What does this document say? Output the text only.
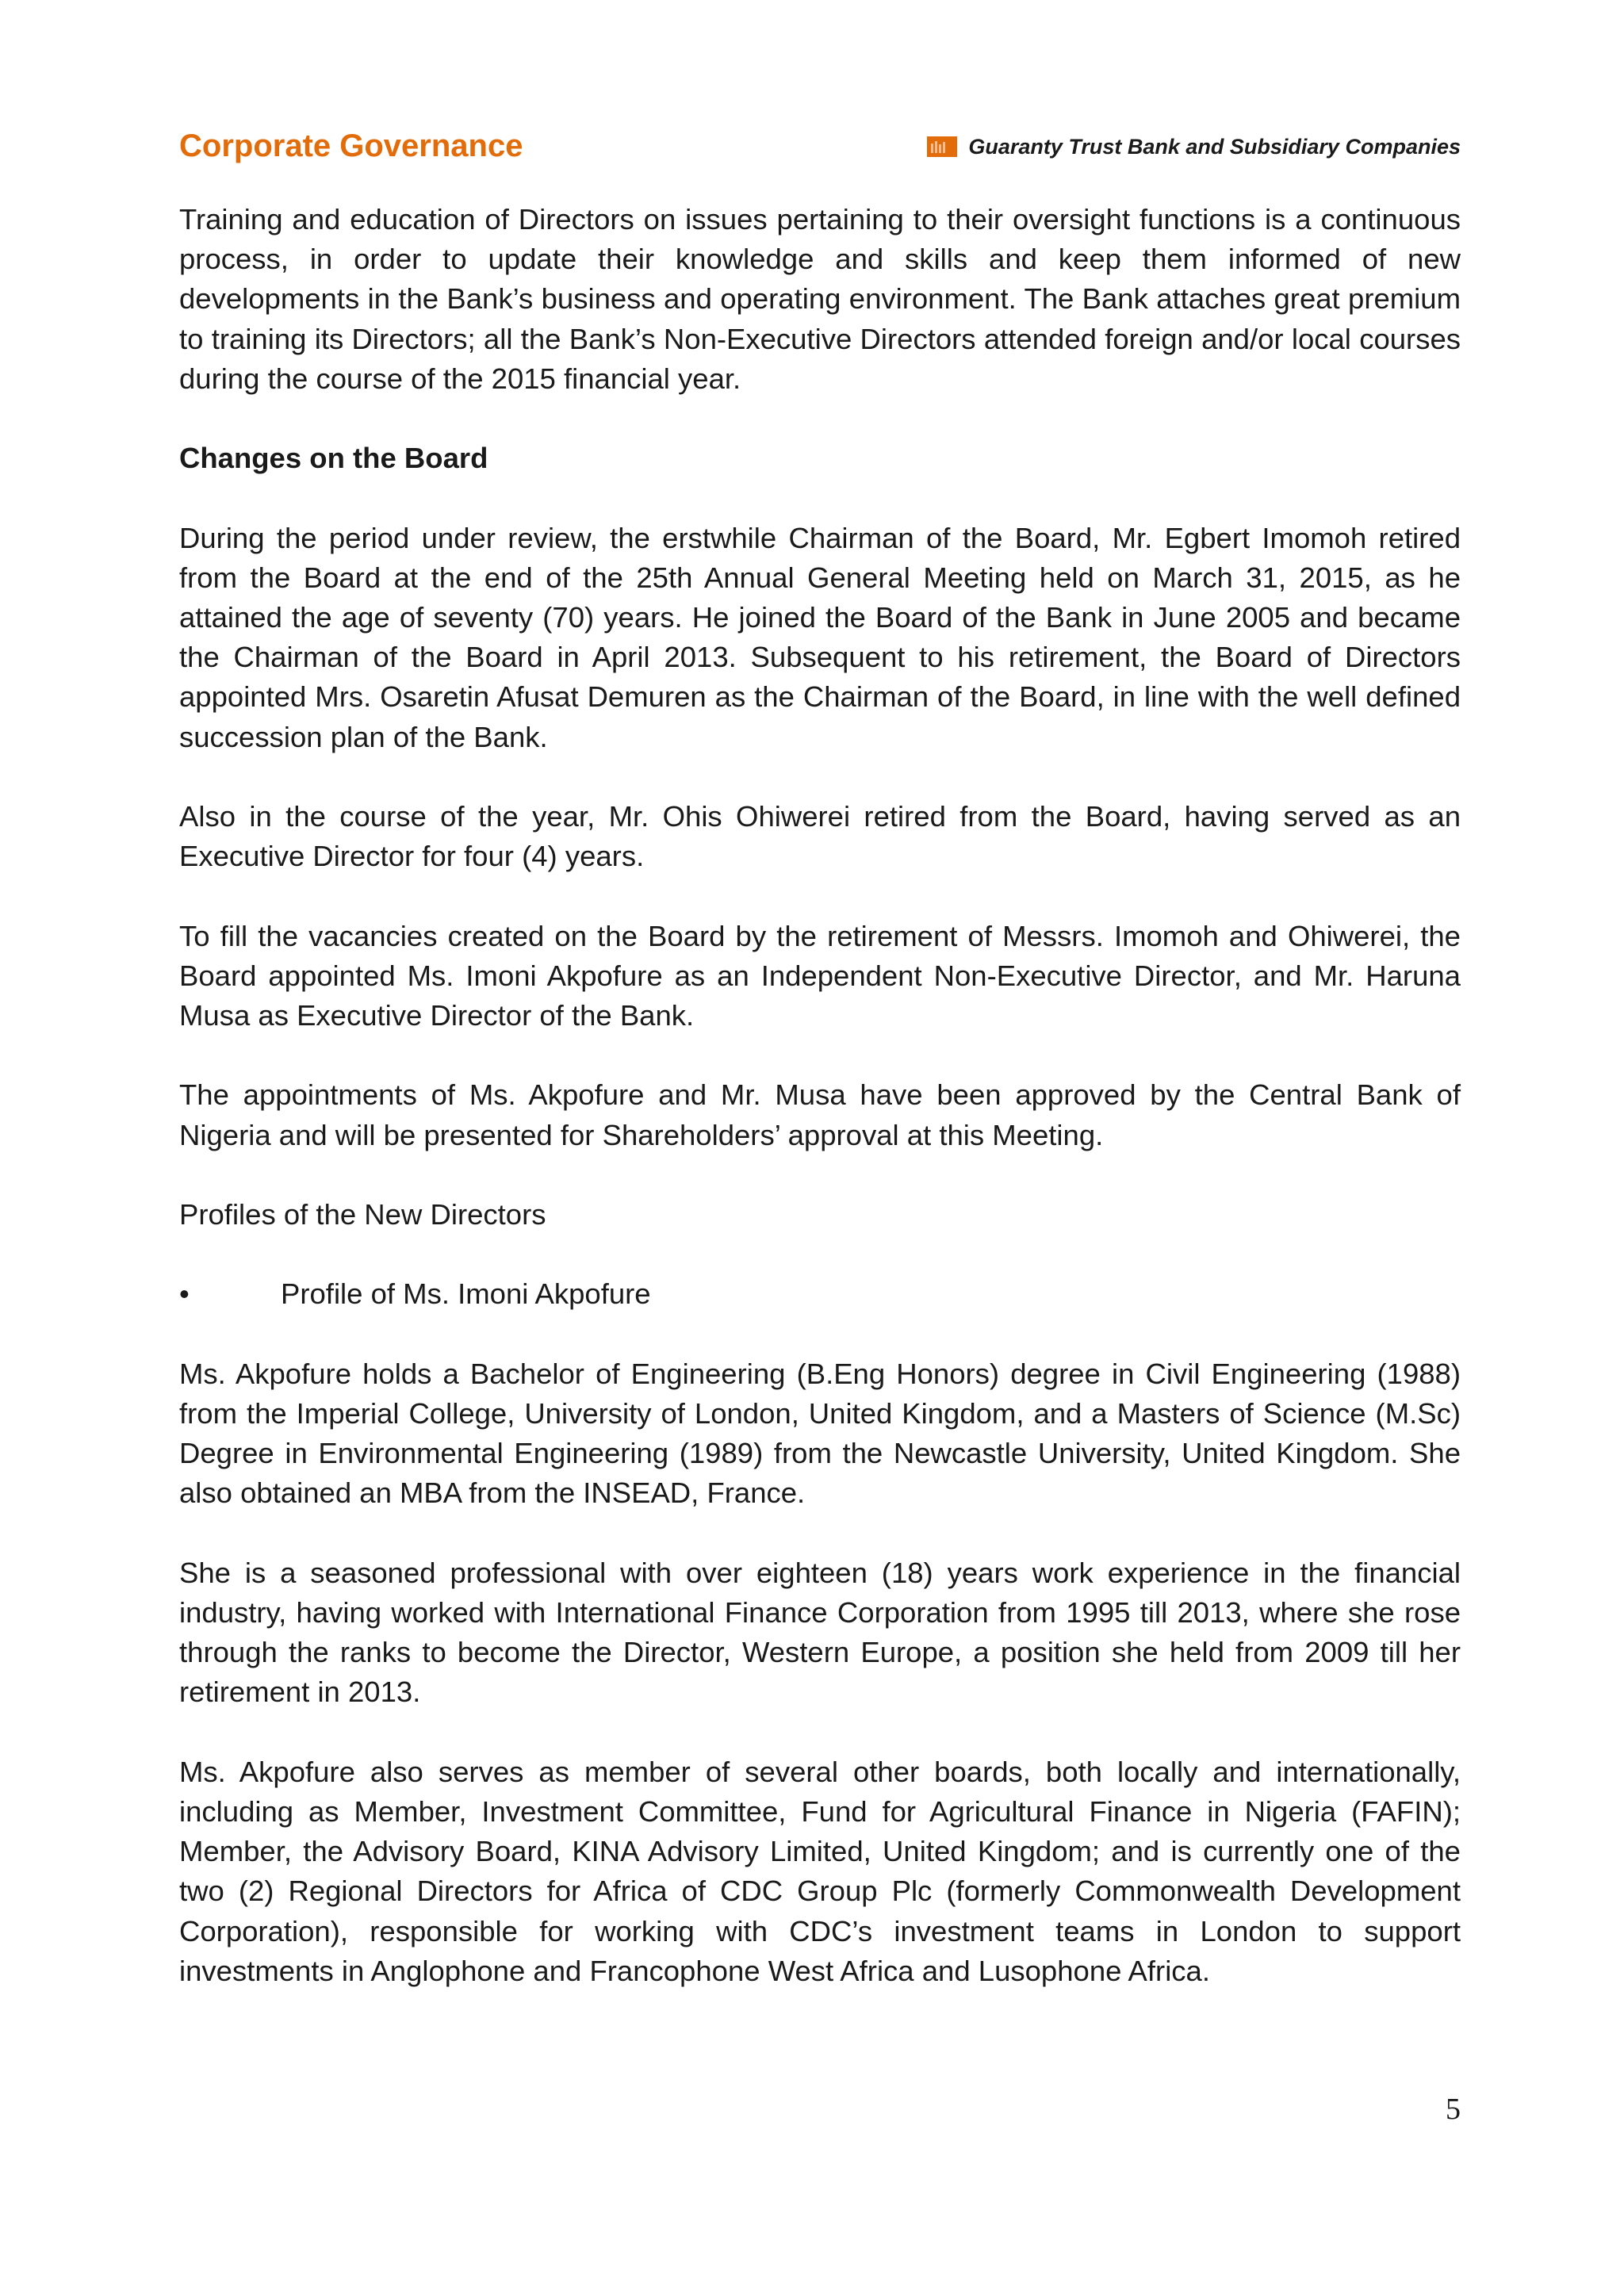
Corporate Governance	Guaranty Trust Bank and Subsidiary Companies

Training and education of Directors on issues pertaining to their oversight functions is a continuous process, in order to update their knowledge and skills and keep them informed of new developments in the Bank’s business and operating environment. The Bank attaches great premium to training its Directors; all the Bank’s Non-Executive Directors attended foreign and/or local courses during the course of the 2015 financial year.

Changes on the Board

During the period under review, the erstwhile Chairman of the Board, Mr. Egbert Imomoh retired from the Board at the end of the 25th Annual General Meeting held on March 31, 2015, as he attained the age of seventy (70) years. He joined the Board of the Bank in June 2005 and became the Chairman of the Board in April 2013. Subsequent to his retirement, the Board of Directors appointed Mrs. Osaretin Afusat Demuren as the Chairman of the Board, in line with the well defined succession plan of the Bank.

Also in the course of the year, Mr. Ohis Ohiwerei retired from the Board, having served as an Executive Director for four (4) years.

To fill the vacancies created on the Board by the retirement of Messrs. Imomoh and Ohiwerei, the Board appointed Ms. Imoni Akpofure as an Independent Non-Executive Director, and Mr. Haruna Musa as Executive Director of the Bank.

The appointments of Ms. Akpofure and Mr. Musa have been approved by the Central Bank of Nigeria and will be presented for Shareholders’ approval at this Meeting.

Profiles of the New Directors

•	Profile of Ms. Imoni Akpofure

Ms. Akpofure holds a Bachelor of Engineering (B.Eng Honors) degree in Civil Engineering (1988) from the Imperial College, University of London, United Kingdom, and a Masters of Science (M.Sc) Degree in Environmental Engineering (1989) from the Newcastle University, United Kingdom. She also obtained an MBA from the INSEAD, France.

She is a seasoned professional with over eighteen (18) years work experience in the financial industry, having worked with International Finance Corporation from 1995 till 2013, where she rose through the ranks to become the Director, Western Europe, a position she held from 2009 till her retirement in 2013.

Ms. Akpofure also serves as member of several other boards, both locally and internationally, including as Member, Investment Committee, Fund for Agricultural Finance in Nigeria (FAFIN); Member, the Advisory Board, KINA Advisory Limited, United Kingdom; and is currently one of the two (2) Regional Directors for Africa of CDC Group Plc (formerly Commonwealth Development Corporation), responsible for working with CDC’s investment teams in London to support investments in Anglophone and Francophone West Africa and Lusophone Africa.

5
